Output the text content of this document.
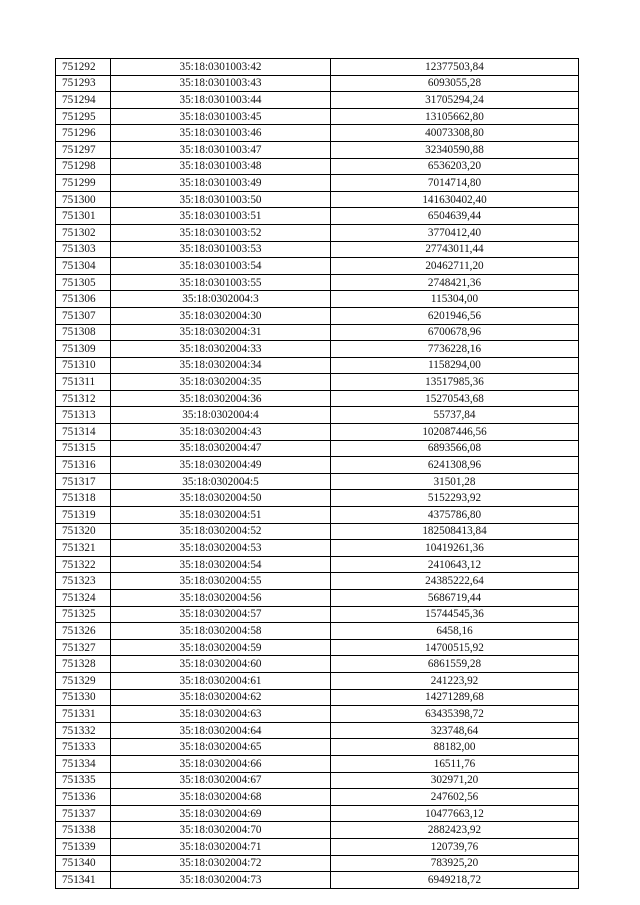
751292	35:18:0301003:42	12377503,84
751293	35:18:0301003:43	6093055,28
751294	35:18:0301003:44	31705294,24
751295	35:18:0301003:45	13105662,80
751296	35:18:0301003:46	40073308,80
751297	35:18:0301003:47	32340590,88
751298	35:18:0301003:48	6536203,20
751299	35:18:0301003:49	7014714,80
751300	35:18:0301003:50	141630402,40
751301	35:18:0301003:51	6504639,44
751302	35:18:0301003:52	3770412,40
751303	35:18:0301003:53	27743011,44
751304	35:18:0301003:54	20462711,20
751305	35:18:0301003:55	2748421,36
751306	35:18:0302004:3	115304,00
751307	35:18:0302004:30	6201946,56
751308	35:18:0302004:31	6700678,96
751309	35:18:0302004:33	7736228,16
751310	35:18:0302004:34	1158294,00
751311	35:18:0302004:35	13517985,36
751312	35:18:0302004:36	15270543,68
751313	35:18:0302004:4	55737,84
751314	35:18:0302004:43	102087446,56
751315	35:18:0302004:47	6893566,08
751316	35:18:0302004:49	6241308,96
751317	35:18:0302004:5	31501,28
751318	35:18:0302004:50	5152293,92
751319	35:18:0302004:51	4375786,80
751320	35:18:0302004:52	182508413,84
751321	35:18:0302004:53	10419261,36
751322	35:18:0302004:54	2410643,12
751323	35:18:0302004:55	24385222,64
751324	35:18:0302004:56	5686719,44
751325	35:18:0302004:57	15744545,36
751326	35:18:0302004:58	6458,16
751327	35:18:0302004:59	14700515,92
751328	35:18:0302004:60	6861559,28
751329	35:18:0302004:61	241223,92
751330	35:18:0302004:62	14271289,68
751331	35:18:0302004:63	63435398,72
751332	35:18:0302004:64	323748,64
751333	35:18:0302004:65	88182,00
751334	35:18:0302004:66	16511,76
751335	35:18:0302004:67	302971,20
751336	35:18:0302004:68	247602,56
751337	35:18:0302004:69	10477663,12
751338	35:18:0302004:70	2882423,92
751339	35:18:0302004:71	120739,76
751340	35:18:0302004:72	783925,20
751341	35:18:0302004:73	6949218,72
